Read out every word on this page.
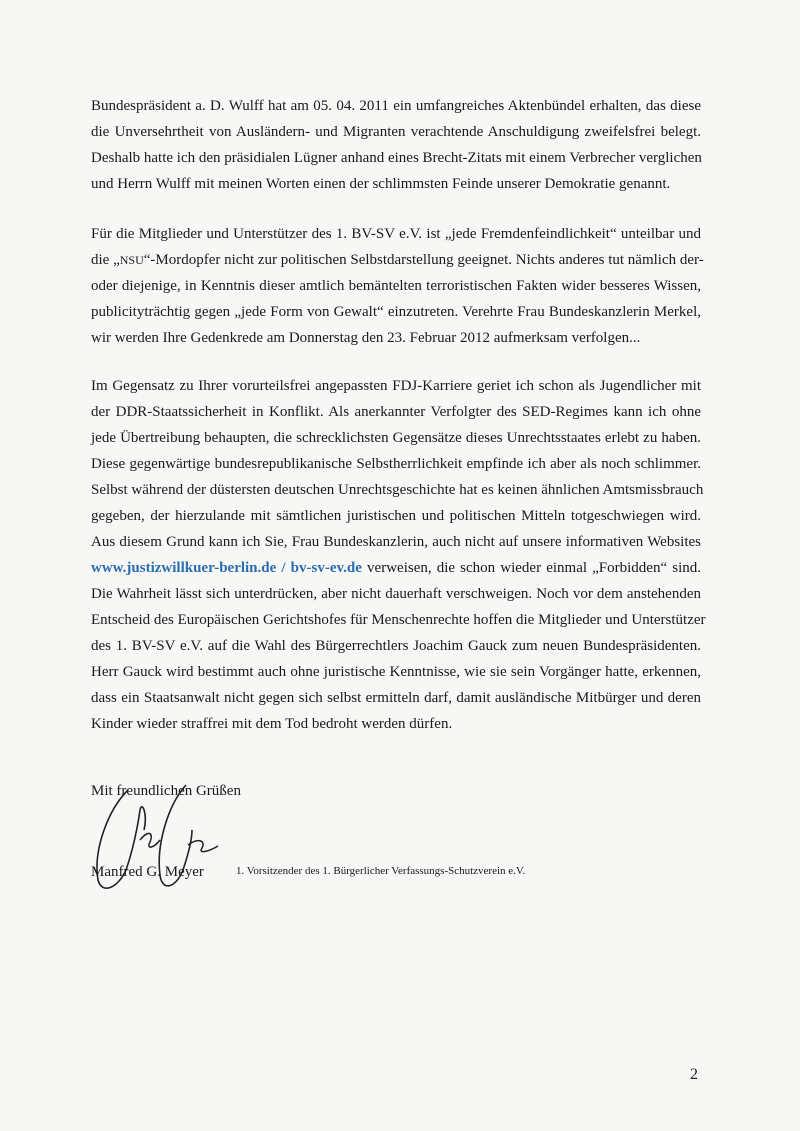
Bundespräsident a. D. Wulff hat am 05. 04. 2011 ein umfangreiches Aktenbündel erhalten, das diese
die Unversehrtheit von Ausländern- und Migranten verachtende Anschuldigung zweifelsfrei belegt.
Deshalb hatte ich den präsidialen Lügner anhand eines Brecht-Zitats mit einem Verbrecher verglichen
und Herrn Wulff mit meinen Worten einen der schlimmsten Feinde unserer Demokratie genannt.

Für die Mitglieder und Unterstützer des 1. BV-SV e.V. ist „jede Fremdenfeindlichkeit“ unteilbar und
die „NSU“-Mordopfer nicht zur politischen Selbstdarstellung geeignet. Nichts anderes tut nämlich der-
oder diejenige, in Kenntnis dieser amtlich bemäntelten terroristischen Fakten wider besseres Wissen,
publicityträchtig gegen „jede Form von Gewalt“ einzutreten. Verehrte Frau Bundeskanzlerin Merkel,
wir werden Ihre Gedenkrede am Donnerstag den 23. Februar 2012 aufmerksam verfolgen...

Im Gegensatz zu Ihrer vorurteilsfrei angepassten FDJ-Karriere geriet ich schon als Jugendlicher mit
der DDR-Staatssicherheit in Konflikt. Als anerkannter Verfolgter des SED-Regimes kann ich ohne
jede Übertreibung behaupten, die schrecklichsten Gegensätze dieses Unrechtsstaates erlebt zu haben.
Diese gegenwärtige bundesrepublikanische Selbstherrlichkeit empfinde ich aber als noch schlimmer.
Selbst während der düstersten deutschen Unrechtsgeschichte hat es keinen ähnlichen Amtsmissbrauch
gegeben, der hierzulande mit sämtlichen juristischen und politischen Mitteln totgeschwiegen wird.
Aus diesem Grund kann ich Sie, Frau Bundeskanzlerin, auch nicht auf unsere informativen Websites
www.justizwillkuer-berlin.de / bv-sv-ev.de verweisen, die schon wieder einmal „Forbidden“ sind.
Die Wahrheit lässt sich unterdrücken, aber nicht dauerhaft verschweigen. Noch vor dem anstehenden
Entscheid des Europäischen Gerichtshofes für Menschenrechte hoffen die Mitglieder und Unterstützer
des 1. BV-SV e.V. auf die Wahl des Bürgerrechtlers Joachim Gauck zum neuen Bundespräsidenten.
Herr Gauck wird bestimmt auch ohne juristische Kenntnisse, wie sie sein Vorgänger hatte, erkennen,
dass ein Staatsanwalt nicht gegen sich selbst ermitteln darf, damit ausländische Mitbürger und deren
Kinder wieder straffrei mit dem Tod bedroht werden dürfen.

Mit freundlichen Grüßen
Manfred G. Meyer	1. Vorsitzender des 1. Bürgerlicher Verfassungs-Schutzverein e.V.
2
